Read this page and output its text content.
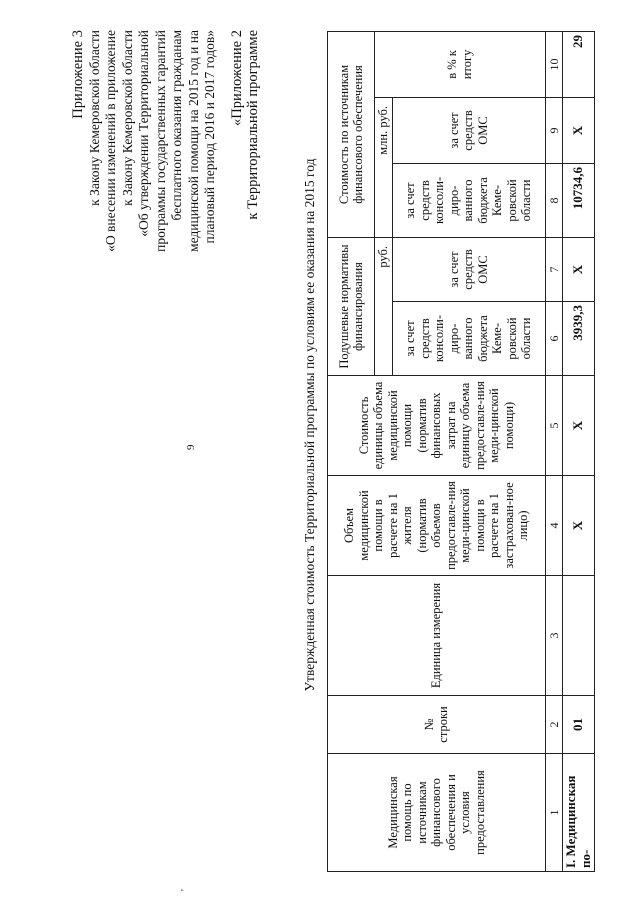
'
9
Приложение 3 к Закону Кемеровской области «О внесении изменений в приложение к Закону Кемеровской области «Об утверждении Территориальной программы государственных гарантий бесплатного оказания гражданам медицинской помощи на 2015 год и на плановый период 2016 и 2017 годов» «Приложение 2 к Территориальной программе
Утвержденная стоимость Территориальной программы по условиям ее оказания на 2015 год
Медицинская помощь по источникам финансового обеспечения и условия предоставления	№ строки	Единица измерения	Объем медицинской помощи в расчете на 1 жителя (норматив объемов предоставле-ния меди-цинской помощи в расчете на 1 застрахован-ное лицо)	Стоимость единицы объема медицинской помощи (норматив финансовых затрат на единицу объема предоставле-ния меди-цинской помощи)	Подушевые нормативы финансирования		Стоимость по источникам финансового обеспечения		
					руб.		млн. руб.		в % к итогу
					за счет средств консоли-диро-ванного бюджета Кеме-ровской области	за счет средств ОМС	за счет средств консоли-диро-ванного бюджета Кеме-ровской области	за счет средств ОМС	
1	2	3	4	5	6	7	8	9	10
I. Медицинская по-	01		X	X	3939,3	X	10734,6	X	29
